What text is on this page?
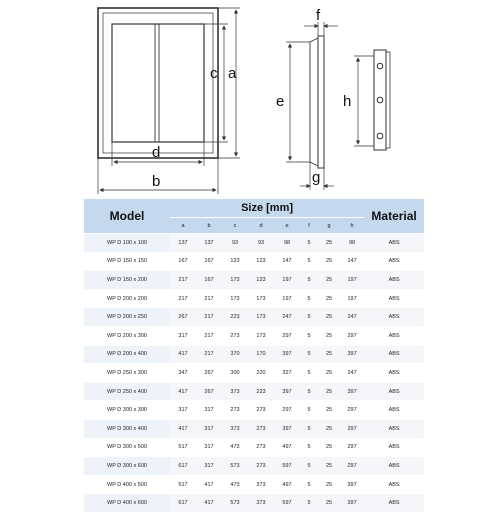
a
c
d
b
f
e
g
h
Model	Size [mm]								Material
	a	b	c	d	e	f	g	h	
WP D 100 x 100	137	137	93	93	98	5	25	98	ABS
WP D 150 x 150	167	167	123	123	147	5	25	147	ABS
WP D 150 x 200	217	167	173	123	197	5	25	197	ABS
WP D 200 x 200	217	217	173	173	197	5	25	197	ABS
WP D 200 x 250	267	217	223	173	247	5	25	247	ABS
WP D 200 x 300	317	217	273	173	297	5	25	297	ABS
WP D 200 x 400	417	217	370	170	397	5	25	397	ABS
WP D 250 x 300	347	267	300	220	327	5	25	247	ABS
WP D 250 x 400	417	267	373	223	397	5	25	397	ABS
WP D 300 x 300	317	317	273	273	297	5	25	297	ABS
WP D 300 x 400	417	317	373	273	397	5	25	297	ABS
WP D 300 x 500	517	317	473	273	497	5	25	297	ABS
WP D 300 x 600	617	317	573	273	597	5	25	297	ABS
WP D 400 x 500	517	417	473	373	497	5	25	397	ABS
WP D 400 x 600	617	417	573	373	597	5	25	397	ABS
